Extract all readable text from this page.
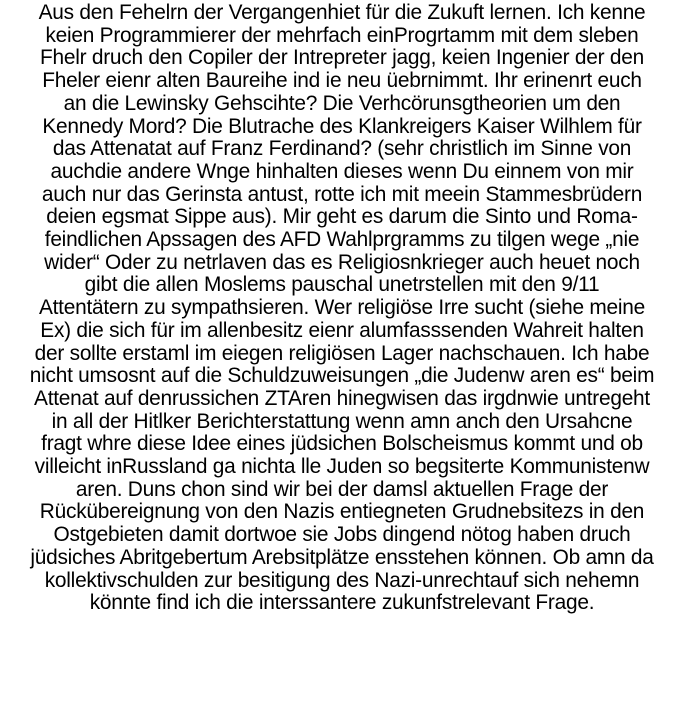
Aus den Fehelrn der Vergangenhiet für die Zukuft lernen. Ich kenne
keien Programmierer der mehrfach einProgrtamm mit dem sleben
Fhelr druch den Copiler der Intrepreter jagg, keien Ingenier der den
Fheler eienr alten Baureihe ind ie neu üebrnimmt. Ihr erinenrt euch
an die Lewinsky Gehscihte? Die Verhcörunsgtheorien um den
Kennedy Mord? Die Blutrache des Klankreigers Kaiser Wilhlem für
das Attenatat auf Franz Ferdinand? (sehr christlich im Sinne von
auchdie andere Wnge hinhalten dieses wenn Du einnem von mir
auch nur das Gerinsta antust, rotte ich mit meein Stammesbrüdern
deien egsmat Sippe aus). Mir geht es darum die Sinto und Roma-
feindlichen Apssagen des AFD Wahlprgramms zu tilgen wege „nie
wider“ Oder zu netrlaven das es Religiosnkrieger auch heuet noch
gibt die allen Moslems pauschal unetrstellen mit den 9/11
Attentätern zu sympathsieren. Wer religiöse Irre sucht (siehe meine
Ex) die sich für im allenbesitz eienr alumfasssenden Wahreit halten
der sollte erstaml im eiegen religiösen Lager nachschauen. Ich habe
nicht umsosnt auf die Schuldzuweisungen „die Judenw aren es“ beim
Attenat auf denrussichen ZTAren hinegwisen das irgdnwie untregeht
in all der Hitlker Berichterstattung wenn amn anch den Ursahcne
fragt whre diese Idee eines jüdsichen Bolscheismus kommt und ob
villeicht inRussland ga nichta lle Juden so begsiterte Kommunistenw
aren. Duns chon sind wir bei der damsl aktuellen Frage der
Rückübereignung von den Nazis entiegneten Grudnebsitezs in den
Ostgebieten damit dortwoe sie Jobs dingend nötog haben druch
jüdsiches Abritgebertum Arebsitplätze ensstehen können. Ob amn da
kollektivschulden zur besitigung des Nazi-unrechtauf sich nehemn
könnte find ich die interssantere zukunfstrelevant Frage.
